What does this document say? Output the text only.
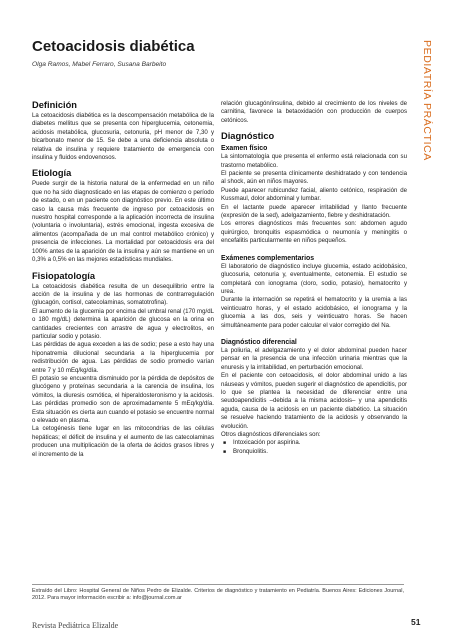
Cetoacidosis diabética
Olga Ramos, Mabel Ferraro, Susana Barbeito	PEDIATRÍA PRÁCTICA
Definición

La cetoacidosis diabética es la descompensación metabólica de la diabetes mellitus que se presenta con hiperglucemia, cetonemia, acidosis metabólica, glucosuria, cetonuria, pH menor de 7,30 y bicarbonato menor de 15. Se debe a una deficiencia absoluta o relativa de insulina y requiere tratamiento de emergencia con insulina y fluidos endovenosos.

Etiología

Puede surgir de la historia natural de la enfermedad en un niño que no ha sido diagnosticado en las etapas de comienzo o período de estado, o en un paciente con diagnóstico previo. En este último caso la causa más frecuente de ingreso por cetoacidosis en nuestro hospital corresponde a la aplicación incorrecta de insulina (voluntaria o involuntaria), estrés emocional, ingesta excesiva de alimentos (acompañada de un mal control metabólico crónico) y presencia de infecciones. La mortalidad por cetoacidosis era del 100% antes de la aparición de la insulina y aún se mantiene en un 0,3% a 0,5% en las mejores estadísticas mundiales.

Fisiopatología

La cetoacidosis diabética resulta de un desequilibrio entre la acción de la insulina y de las hormonas de contrarregulación (glucagón, cortisol, catecolaminas, somatotrofina).

El aumento de la glucemia por encima del umbral renal (170 mg/dL o 180 mg/dL) determina la aparición de glucosa en la orina en cantidades crecientes con arrastre de agua y electrolitos, en particular sodio y potasio.

Las pérdidas de agua exceden a las de sodio; pese a esto hay una hiponatremia dilucional secundaria a la hiperglucemia por redistribución de agua. Las pérdidas de sodio promedio varían entre 7 y 10 mEq/kg/día.

El potasio se encuentra disminuido por la pérdida de depósitos de glucógeno y proteínas secundaria a la carencia de insulina, los vómitos, la diuresis osmótica, el hiperaldosteronismo y la acidosis. Las pérdidas promedio son de aproximadamente 5 mEq/kg/día. Esta situación es cierta aun cuando el potasio se encuentre normal o elevado en plasma.

La cetogénesis tiene lugar en las mitocondrias de las células hepáticas; el déficit de insulina y el aumento de las catecolaminas producen una multiplicación de la oferta de ácidos grasos libres y el incremento de la

relación glucagón/insulina, debido al crecimiento de los niveles de carnitina, favorece la betaoxidación con producción de cuerpos cetónicos.

Diagnóstico
Examen físico

La sintomatología que presenta el enfermo está relacionada con su trastorno metabólico.

El paciente se presenta clínicamente deshidratado y con tendencia al shock, aún en niños mayores.

Puede aparecer rubicundez facial, aliento cetónico, respiración de Kussmaul, dolor abdominal y lumbar.

En el lactante puede aparecer irritabilidad y llanto frecuente (expresión de la sed), adelgazamiento, fiebre y deshidratación.

Los errores diagnósticos más frecuentes son: abdomen agudo quirúrgico, bronquitis espasmódica o neumonía y meningitis o encefalitis particularmente en niños pequeños.

Exámenes complementarios

El laboratorio de diagnóstico incluye glucemia, estado acidobásico, glucosuria, cetonuria y, eventualmente, cetonemia. El estudio se completará con ionograma (cloro, sodio, potasio), hematocrito y urea.

Durante la internación se repetirá el hematocrito y la uremia a las veinticuatro horas, y el estado acidobásico, el ionograma y la glucemia a las dos, seis y veinticuatro horas. Se hacen simultáneamente para poder calcular el valor corregido del Na.

Diagnóstico diferencial

La poliuria, el adelgazamiento y el dolor abdominal pueden hacer pensar en la presencia de una infección urinaria mientras que la enuresis y la irritabilidad, en perturbación emocional.

En el paciente con cetoacidosis, el dolor abdominal unido a las náuseas y vómitos, pueden sugerir el diagnóstico de apendicitis, por lo que se plantea la necesidad de diferenciar entre una seudoapendicitis –debida a la misma acidosis– y una apendicitis aguda, causa de la acidosis en un paciente diabético. La situación se resuelve haciendo tratamiento de la acidosis y observando la evolución.

Otros diagnósticos diferenciales son:

■ Intoxicación por aspirina.
■ Bronquiolitis.

Extraído del Libro: Hospital General de Niños Pedro de Elizalde. Criterios de diagnóstico y tratamiento en Pediatría. Buenos Aires: Ediciones Journal, 2012. Para mayor información escribir a: info@journal.com.ar

Revista Pediátrica Elizalde	51
